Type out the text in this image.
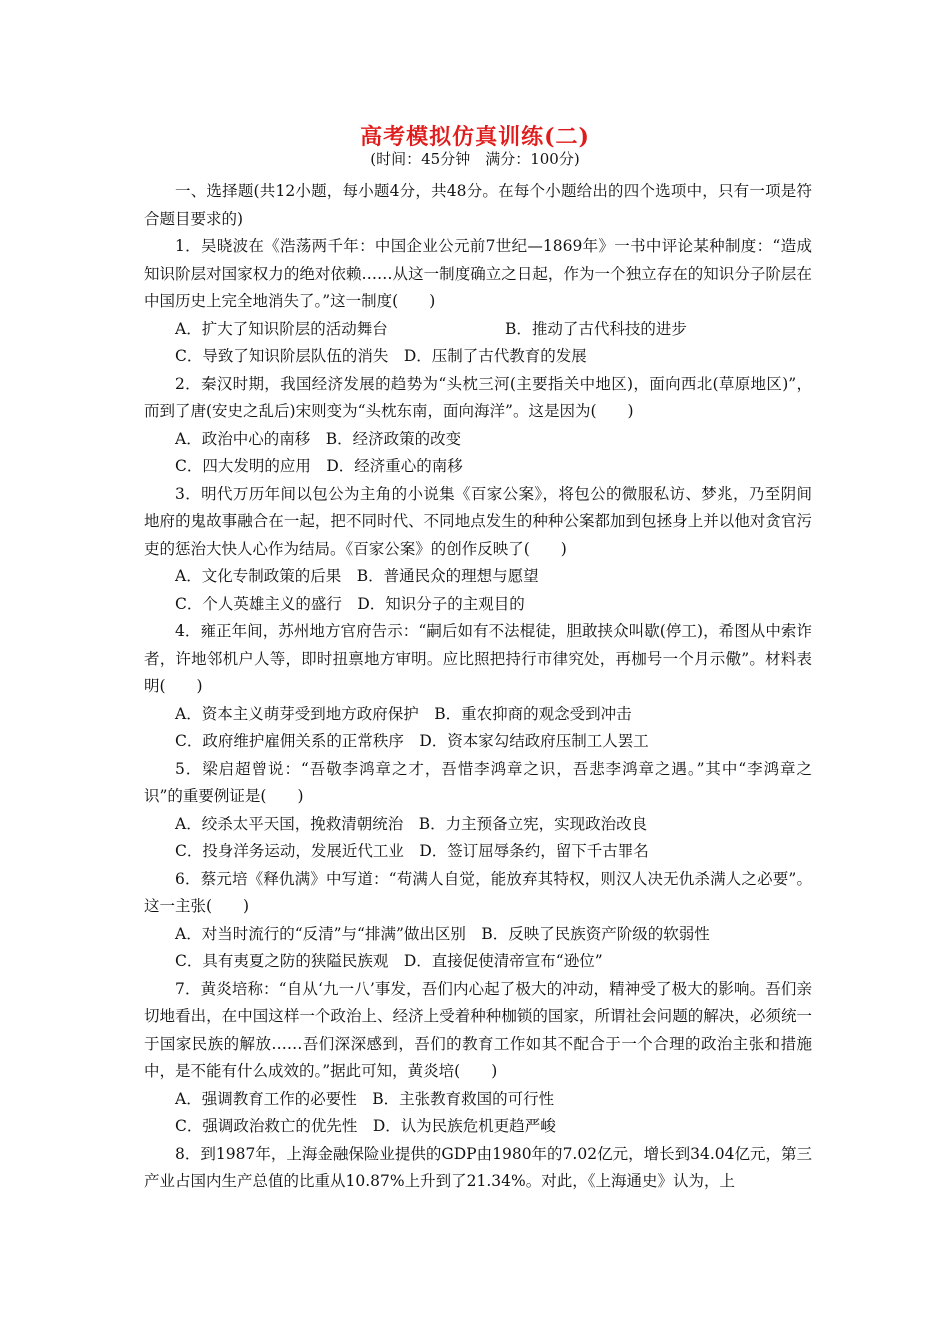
高考模拟仿真训练(二)
(时间：45分钟　满分：100分)

一、选择题(共12小题，每小题4分，共48分。在每个小题给出的四个选项中，只有一项是符合题目要求的)

1．吴晓波在《浩荡两千年：中国企业公元前7世纪—1869年》一书中评论某种制度：“造成知识阶层对国家权力的绝对依赖……从这一制度确立之日起，作为一个独立存在的知识分子阶层在中国历史上完全地消失了。”这一制度(　　)

A．扩大了知识阶层的活动舞台	B．推动了古代科技的进步

C．导致了知识阶层队伍的消失 D．压制了古代教育的发展

2．秦汉时期，我国经济发展的趋势为“头枕三河(主要指关中地区)，面向西北(草原地区)”，而到了唐(安史之乱后)宋则变为“头枕东南，面向海洋”。这是因为(　　)

A．政治中心的南移 B．经济政策的改变

C．四大发明的应用 D．经济重心的南移

3．明代万历年间以包公为主角的小说集《百家公案》，将包公的微服私访、梦兆，乃至阴间地府的鬼故事融合在一起，把不同时代、不同地点发生的种种公案都加到包拯身上并以他对贪官污吏的惩治大快人心作为结局。《百家公案》的创作反映了(　　)

A．文化专制政策的后果 B．普通民众的理想与愿望

C．个人英雄主义的盛行 D．知识分子的主观目的

4．雍正年间，苏州地方官府告示：“嗣后如有不法棍徒，胆敢挟众叫歇(停工)，希图从中索诈者，许地邻机户人等，即时扭禀地方审明。应比照把持行市律究处，再枷号一个月示儆”。材料表明(　　)

A．资本主义萌芽受到地方政府保护 B．重农抑商的观念受到冲击

C．政府维护雇佣关系的正常秩序 D．资本家勾结政府压制工人罢工

5．梁启超曾说：“吾敬李鸿章之才，吾惜李鸿章之识，吾悲李鸿章之遇。”其中“李鸿章之识”的重要例证是(　　)

A．绞杀太平天国，挽救清朝统治 B．力主预备立宪，实现政治改良

C．投身洋务运动，发展近代工业 D．签订屈辱条约，留下千古罪名

6．蔡元培《释仇满》中写道：“苟满人自觉，能放弃其特权，则汉人决无仇杀满人之必要”。这一主张(　　)

A．对当时流行的“反清”与“排满”做出区别 B．反映了民族资产阶级的软弱性

C．具有夷夏之防的狭隘民族观 D．直接促使清帝宣布“逊位”

7．黄炎培称：“自从‘九一八’事发，吾们内心起了极大的冲动，精神受了极大的影响。吾们亲切地看出，在中国这样一个政治上、经济上受着种种枷锁的国家，所谓社会问题的解决，必须统一于国家民族的解放……吾们深深感到，吾们的教育工作如其不配合于一个合理的政治主张和措施中，是不能有什么成效的。”据此可知，黄炎培(　　)

A．强调教育工作的必要性 B．主张教育救国的可行性

C．强调政治救亡的优先性 D．认为民族危机更趋严峻

8．到1987年，上海金融保险业提供的GDP由1980年的7.02亿元，增长到34.04亿元，第三产业占国内生产总值的比重从10.87%上升到了21.34%。对此，《上海通史》认为，上
